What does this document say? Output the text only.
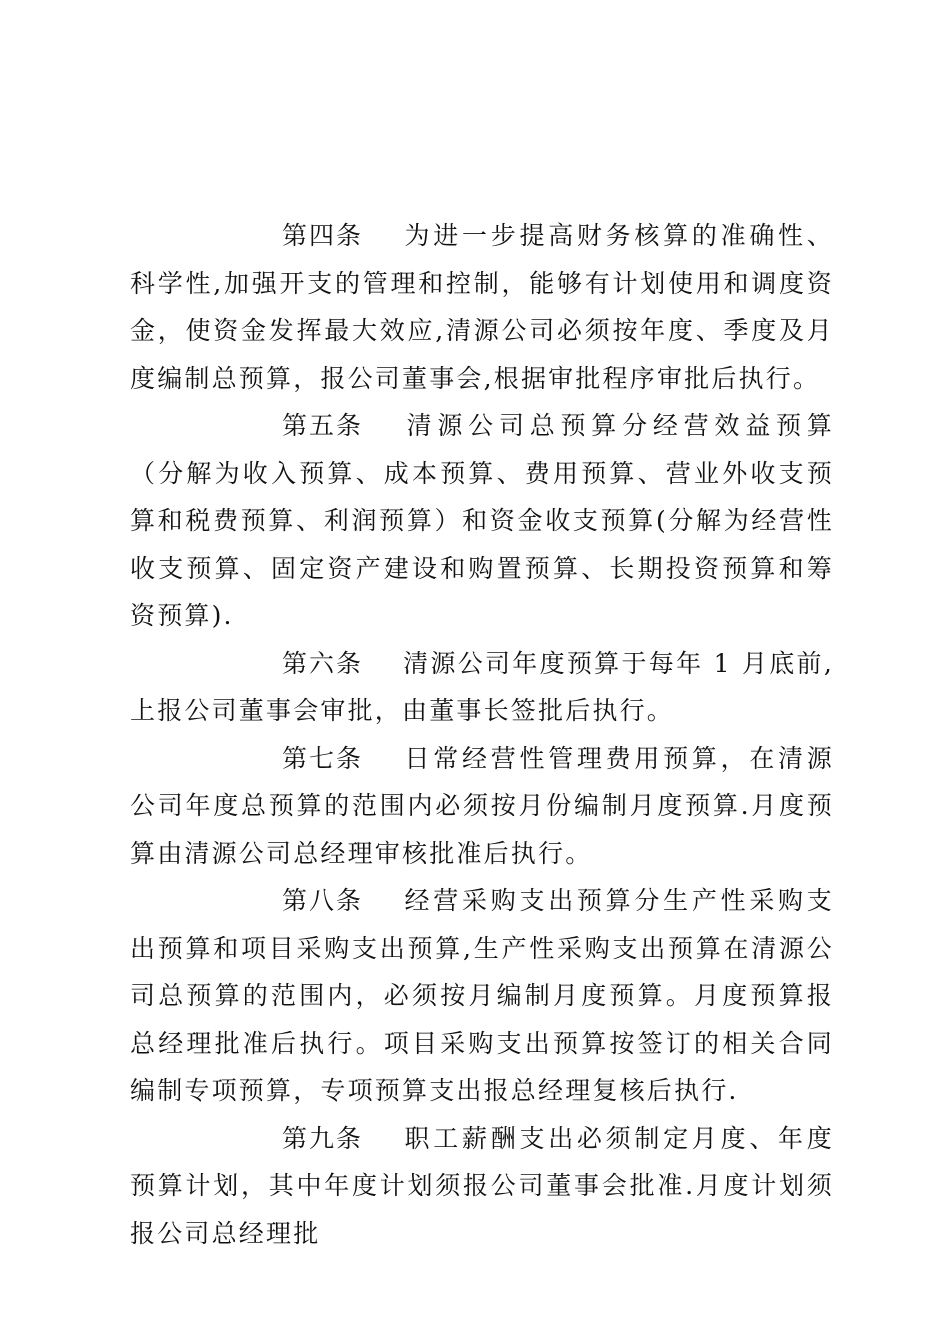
第四条 为进一步提高财务核算的准确性、科学性,加强开支的管理和控制，能够有计划使用和调度资金，使资金发挥最大效应,清源公司必须按年度、季度及月度编制总预算，报公司董事会,根据审批程序审批后执行。

第五条 清源公司总预算分经营效益预算（分解为收入预算、成本预算、费用预算、营业外收支预算和税费预算、利润预算）和资金收支预算(分解为经营性收支预算、固定资产建设和购置预算、长期投资预算和筹资预算).

第六条 清源公司年度预算于每年 1 月底前,上报公司董事会审批，由董事长签批后执行。

第七条 日常经营性管理费用预算，在清源公司年度总预算的范围内必须按月份编制月度预算.月度预算由清源公司总经理审核批准后执行。

第八条 经营采购支出预算分生产性采购支出预算和项目采购支出预算,生产性采购支出预算在清源公司总预算的范围内，必须按月编制月度预算。月度预算报总经理批准后执行。项目采购支出预算按签订的相关合同编制专项预算，专项预算支出报总经理复核后执行.

第九条 职工薪酬支出必须制定月度、年度预算计划，其中年度计划须报公司董事会批准.月度计划须报公司总经理批
